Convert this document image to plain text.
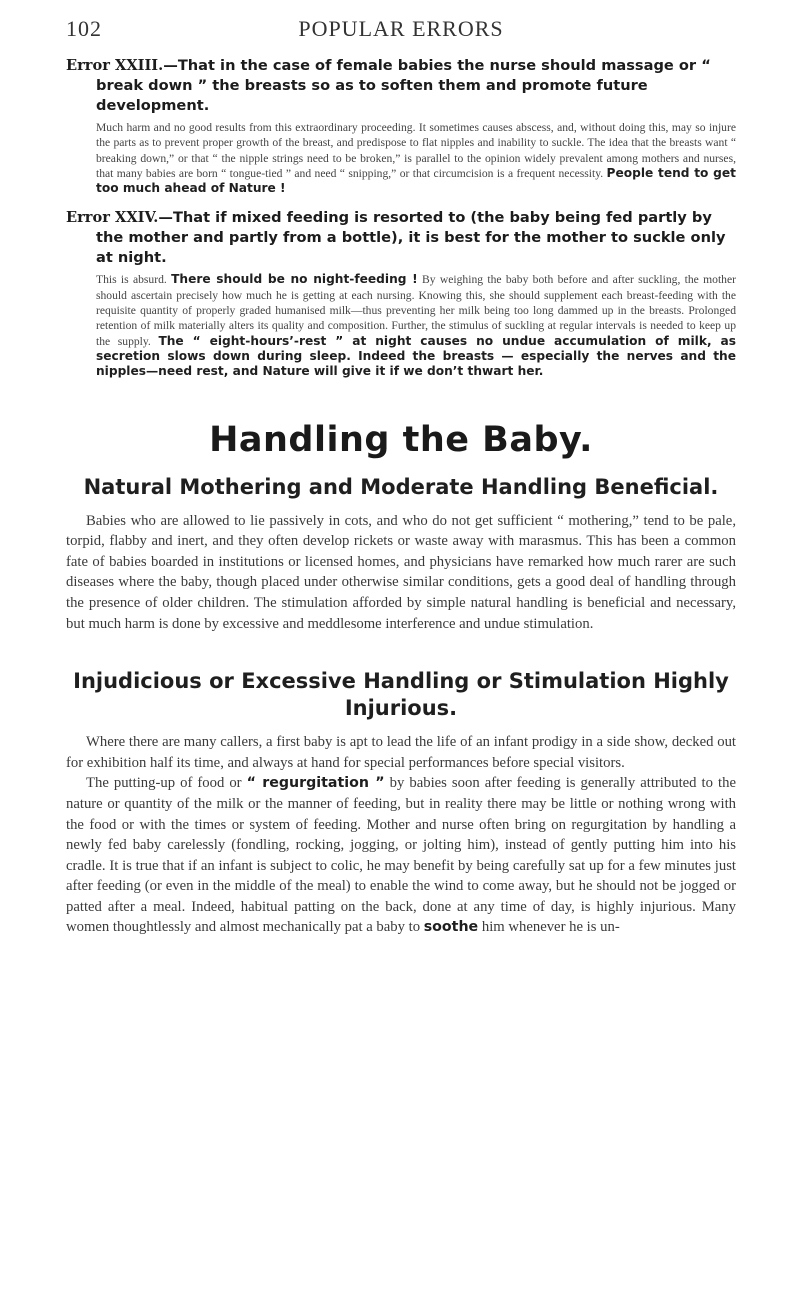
102	POPULAR ERRORS

Error XXIII.—That in the case of female babies the nurse should massage or “ break down ” the breasts so as to soften them and promote future development.

Much harm and no good results from this extraordinary proceeding. It sometimes causes abscess, and, without doing this, may so injure the parts as to prevent proper growth of the breast, and predispose to flat nipples and inability to suckle. The idea that the breasts want “ breaking down,” or that “ the nipple strings need to be broken,” is parallel to the opinion widely prevalent among mothers and nurses, that many babies are born “ tongue-tied ” and need “ snipping,” or that circumcision is a frequent necessity. People tend to get too much ahead of Nature !

Error XXIV.—That if mixed feeding is resorted to (the baby being fed partly by the mother and partly from a bottle), it is best for the mother to suckle only at night.

This is absurd. There should be no night-feeding ! By weighing the baby both before and after suckling, the mother should ascertain precisely how much he is getting at each nursing. Knowing this, she should supplement each breast-feeding with the requisite quantity of properly graded humanised milk—thus preventing her milk being too long dammed up in the breasts. Prolonged retention of milk materially alters its quality and composition. Further, the stimulus of suckling at regular intervals is needed to keep up the supply. The “ eight-hours’-rest ” at night causes no undue accumulation of milk, as secretion slows down during sleep. Indeed the breasts — especially the nerves and the nipples—need rest, and Nature will give it if we don’t thwart her.

Handling the Baby.
Natural Mothering and Moderate Handling Beneficial.

Babies who are allowed to lie passively in cots, and who do not get sufficient “ mothering,” tend to be pale, torpid, flabby and inert, and they often develop rickets or waste away with marasmus. This has been a common fate of babies boarded in institutions or licensed homes, and physicians have remarked how much rarer are such diseases where the baby, though placed under otherwise similar conditions, gets a good deal of handling through the presence of older children. The stimulation afforded by simple natural handling is beneficial and necessary, but much harm is done by excessive and meddlesome interference and undue stimulation.

Injudicious or Excessive Handling or Stimulation Highly Injurious.

Where there are many callers, a first baby is apt to lead the life of an infant prodigy in a side show, decked out for exhibition half its time, and always at hand for special performances before special visitors.

The putting-up of food or “ regurgitation ” by babies soon after feeding is generally attributed to the nature or quantity of the milk or the manner of feeding, but in reality there may be little or nothing wrong with the food or with the times or system of feeding. Mother and nurse often bring on regurgitation by handling a newly fed baby carelessly (fondling, rocking, jogging, or jolting him), instead of gently putting him into his cradle. It is true that if an infant is subject to colic, he may benefit by being carefully sat up for a few minutes just after feeding (or even in the middle of the meal) to enable the wind to come away, but he should not be jogged or patted after a meal. Indeed, habitual patting on the back, done at any time of day, is highly injurious. Many women thoughtlessly and almost mechanically pat a baby to soothe him whenever he is un-
